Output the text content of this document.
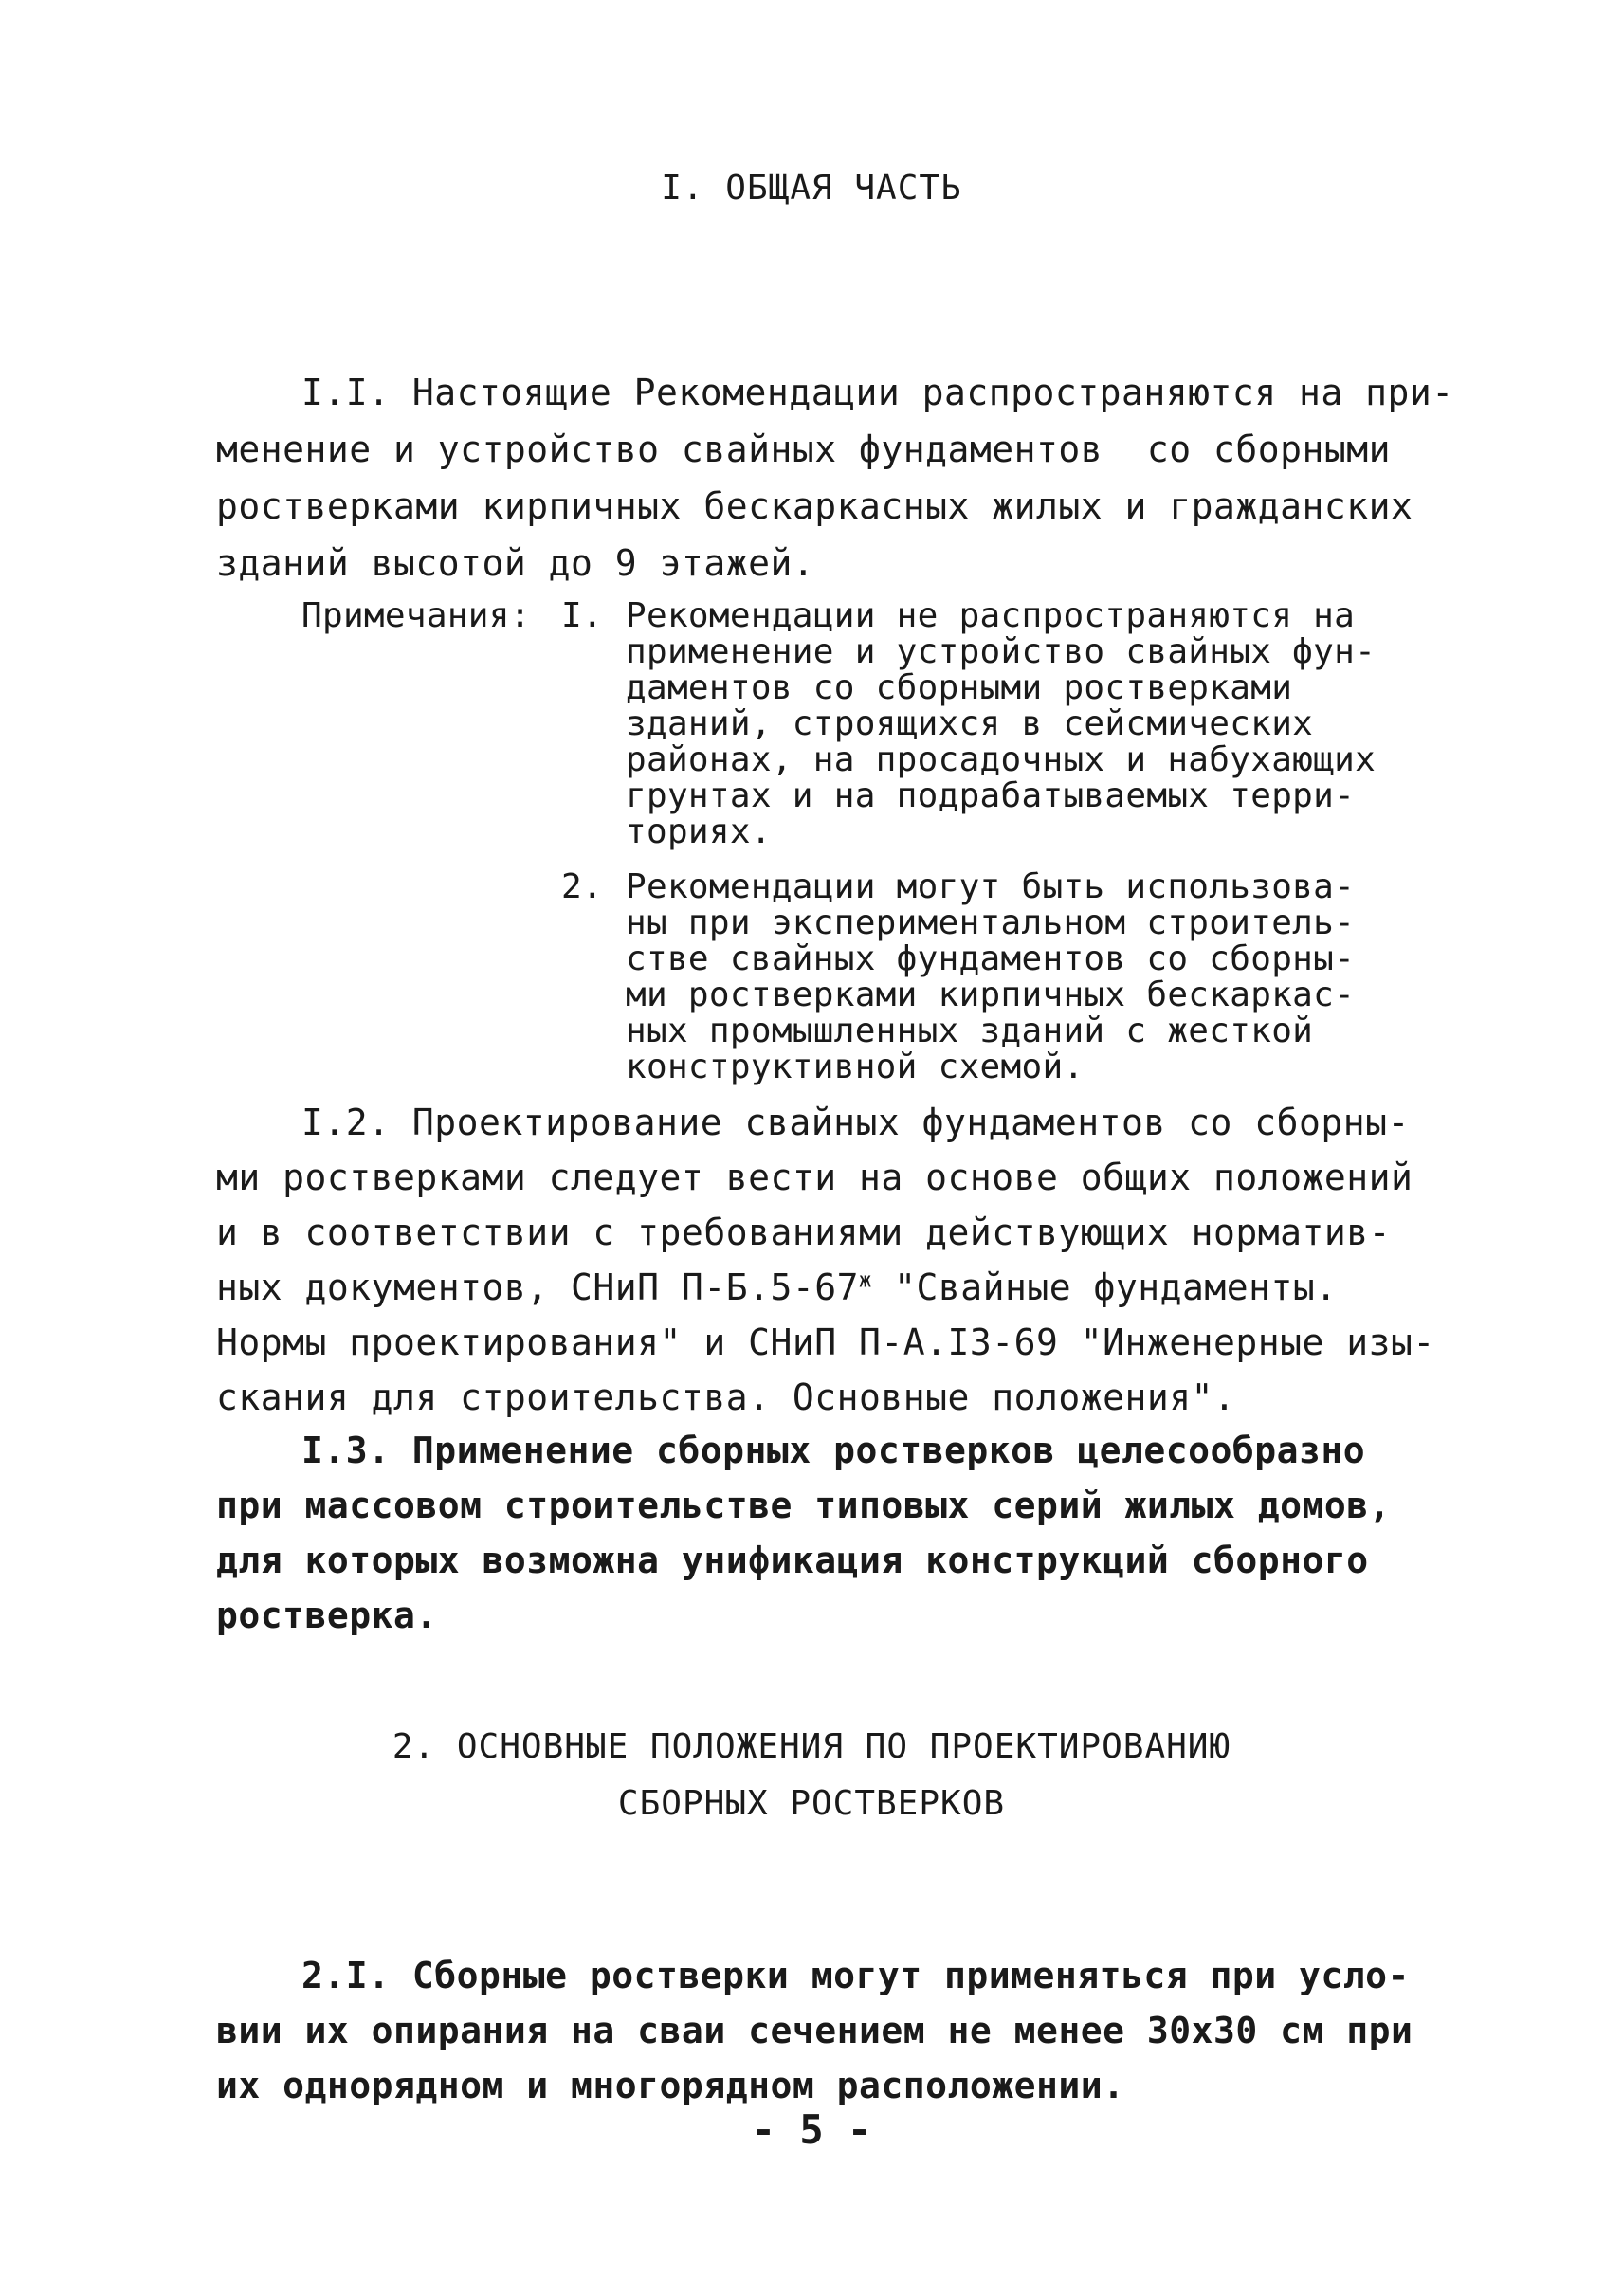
I. ОБЩАЯ ЧАСТЬ
I.I. Настоящие Рекомендации распространяются на при-
менение и устройство свайных фундаментов  со сборными
ростверками кирпичных бескаркасных жилых и гражданских
зданий высотой до 9 этажей.
Примечания: I. Рекомендации не распространяются на
применение и устройство свайных фун-
даментов со сборными ростверками
зданий, строящихся в сейсмических
районах, на просадочных и набухающих
грунтах и на подрабатываемых терри-
ториях.
2. Рекомендации могут быть использова-
ны при экспериментальном строитель-
стве свайных фундаментов со сборны-
ми ростверками кирпичных бескаркас-
ных промышленных зданий с жесткой
конструктивной схемой.
I.2. Проектирование свайных фундаментов со сборны-
ми ростверками следует вести на основе общих положений
и в соответствии с требованиями действующих норматив-
ных документов, СНиП $П-Б.5-67^ж$ "Свайные фундаменты.
Нормы проектирования" и СНиП П-А.I3-69 "Инженерные изы-
скания для строительства. Основные положения".
I.3. Применение сборных ростверков целесообразно
при массовом строительстве типовых серий жилых домов,
для которых возможна унификация конструкций сборного
ростверка.
2. ОСНОВНЫЕ ПОЛОЖЕНИЯ ПО ПРОЕКТИРОВАНИЮ
СБОРНЫХ РОСТВЕРКОВ
2.I. Сборные ростверки могут применяться при усло-
вии их опирания на сваи сечением не менее 30х30 см при
их однорядном и многорядном расположении.
- 5 -
